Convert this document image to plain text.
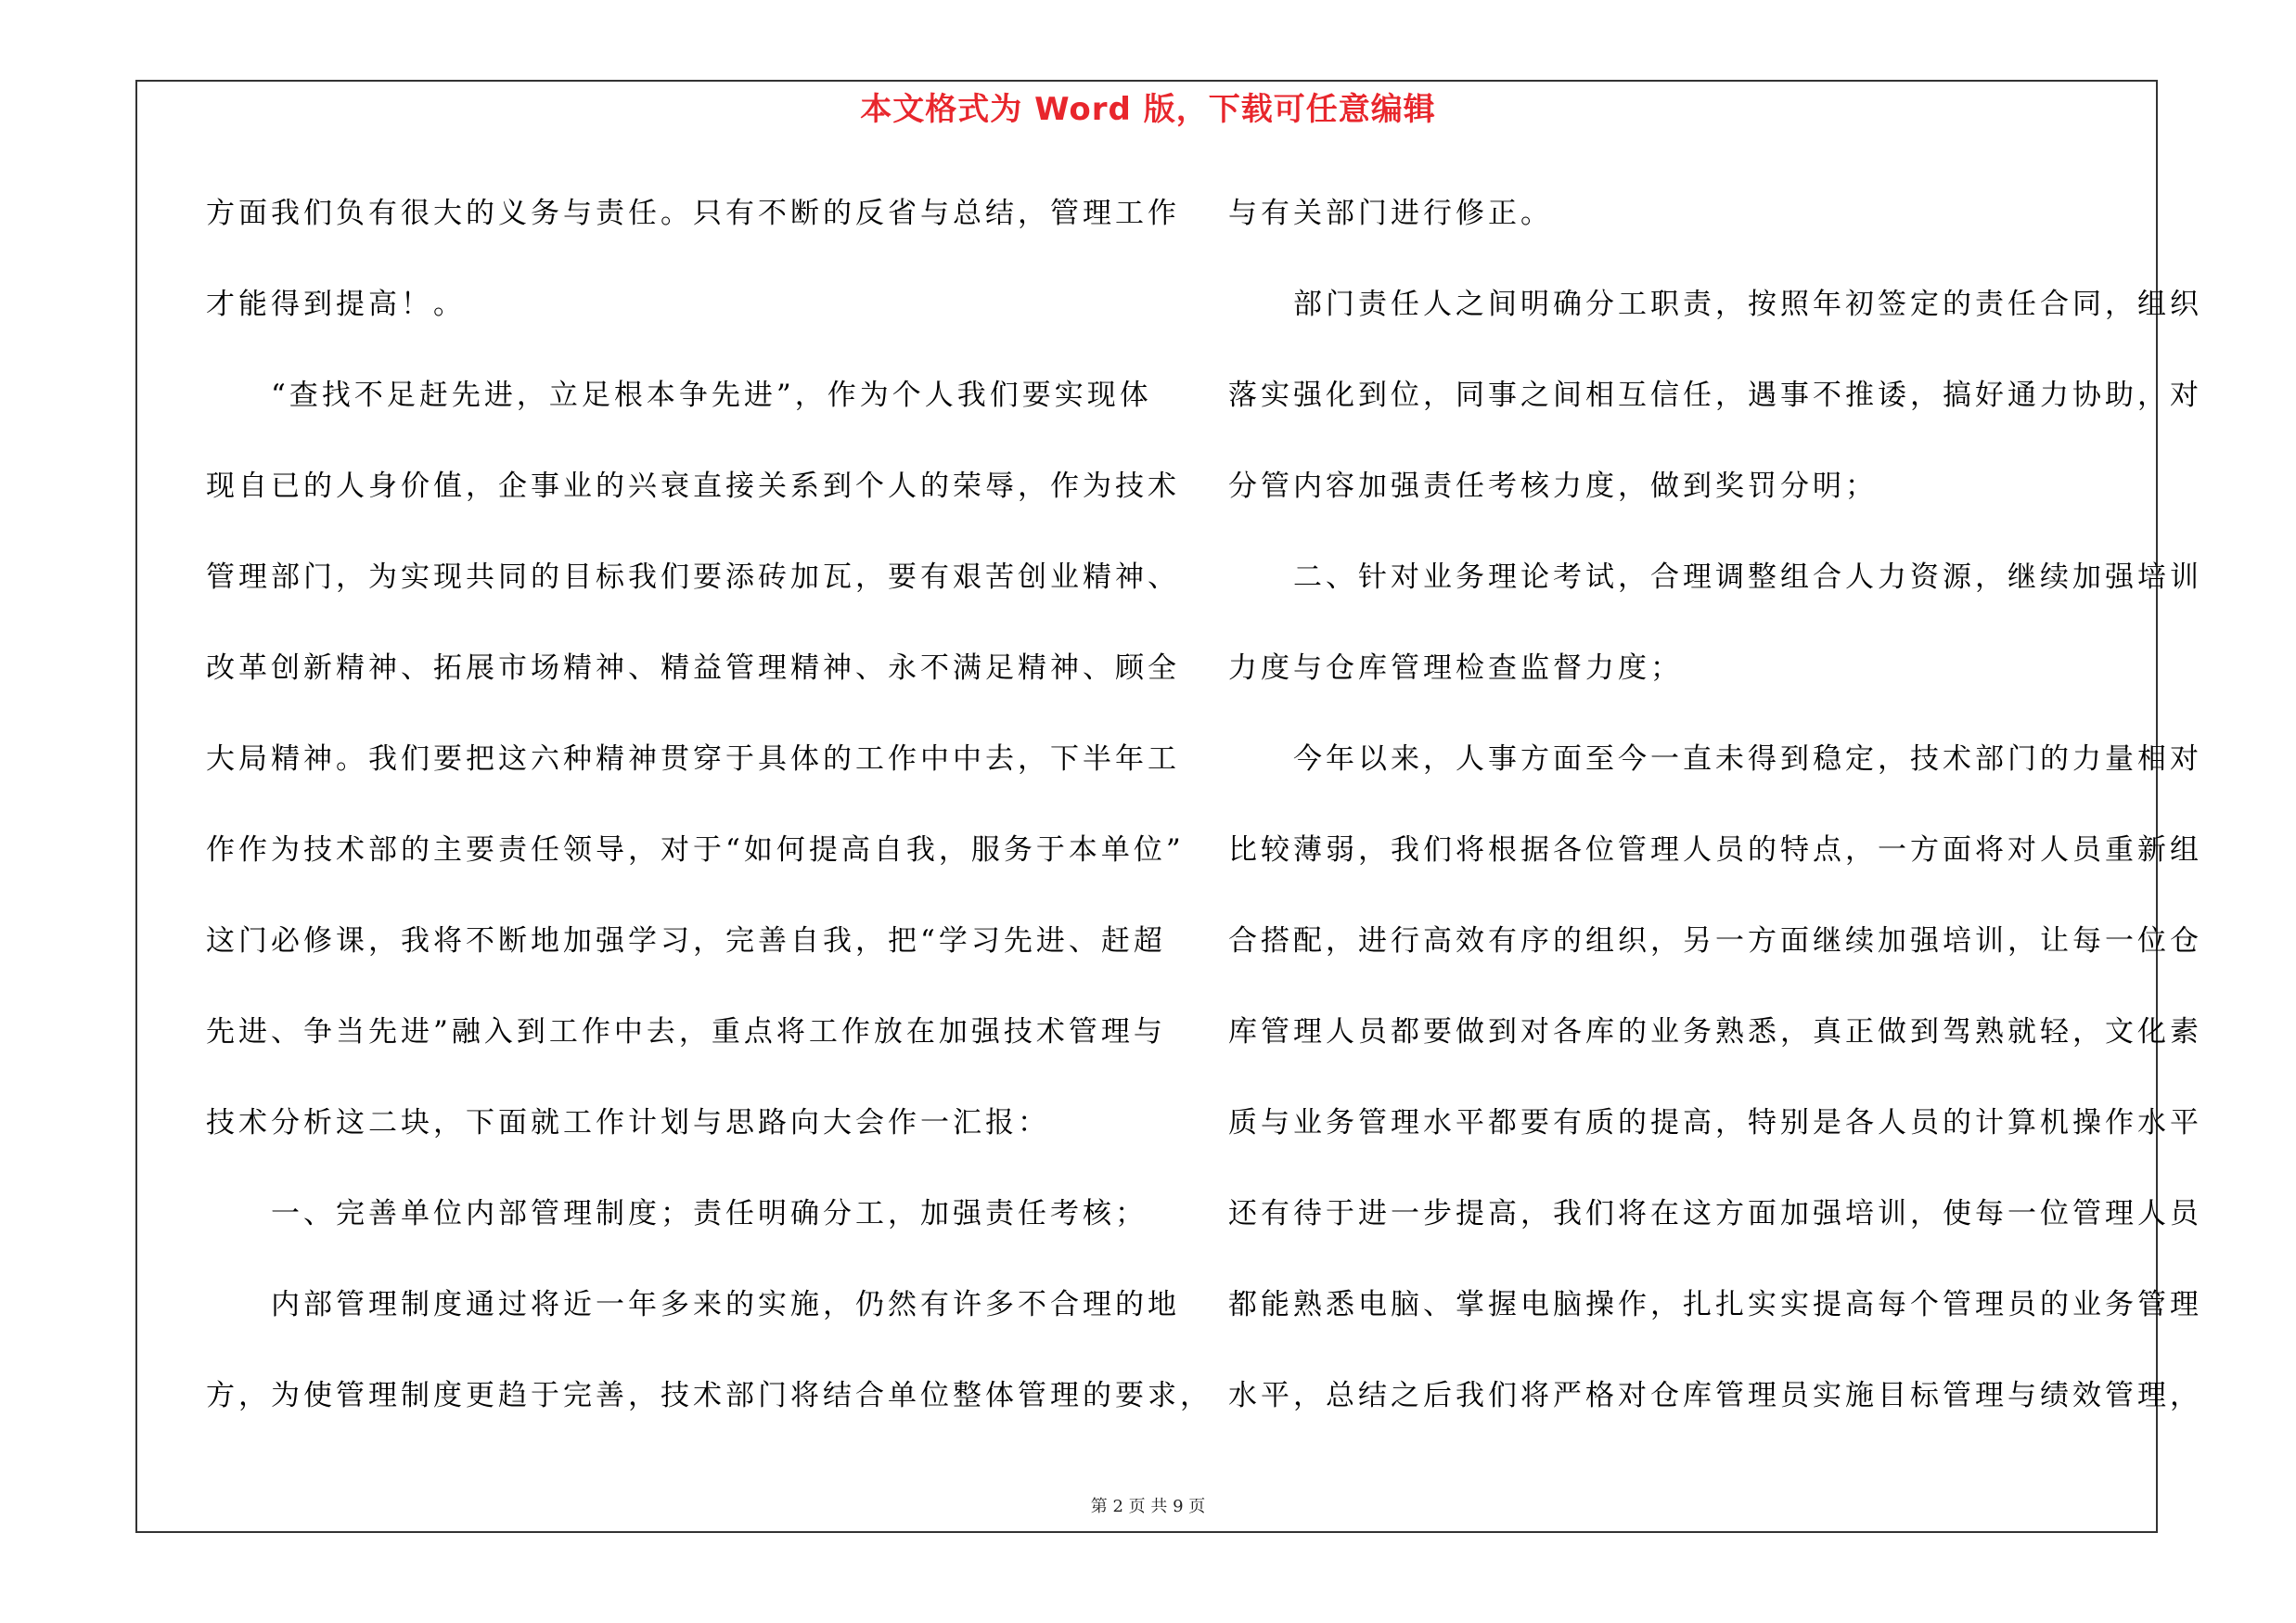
本文格式为 Word 版，下载可任意编辑
方面我们负有很大的义务与责任。只有不断的反省与总结，管理工作
才能得到提高！。
　　“查找不足赶先进，立足根本争先进”，作为个人我们要实现体
现自已的人身价值，企事业的兴衰直接关系到个人的荣辱，作为技术
管理部门，为实现共同的目标我们要添砖加瓦，要有艰苦创业精神、
改革创新精神、拓展市场精神、精益管理精神、永不满足精神、顾全
大局精神。我们要把这六种精神贯穿于具体的工作中中去，下半年工
作作为技术部的主要责任领导，对于“如何提高自我，服务于本单位”
这门必修课，我将不断地加强学习，完善自我，把“学习先进、赶超
先进、争当先进”融入到工作中去，重点将工作放在加强技术管理与
技术分析这二块，下面就工作计划与思路向大会作一汇报：
　　一、完善单位内部管理制度；责任明确分工，加强责任考核；
　　内部管理制度通过将近一年多来的实施，仍然有许多不合理的地
方，为使管理制度更趋于完善，技术部门将结合单位整体管理的要求，
与有关部门进行修正。
　　部门责任人之间明确分工职责，按照年初签定的责任合同，组织
落实强化到位，同事之间相互信任，遇事不推诿，搞好通力协助，对
分管内容加强责任考核力度，做到奖罚分明；
　　二、针对业务理论考试，合理调整组合人力资源，继续加强培训
力度与仓库管理检查监督力度；
　　今年以来，人事方面至今一直未得到稳定，技术部门的力量相对
比较薄弱，我们将根据各位管理人员的特点，一方面将对人员重新组
合搭配，进行高效有序的组织，另一方面继续加强培训，让每一位仓
库管理人员都要做到对各库的业务熟悉，真正做到驾熟就轻，文化素
质与业务管理水平都要有质的提高，特别是各人员的计算机操作水平
还有待于进一步提高，我们将在这方面加强培训，使每一位管理人员
都能熟悉电脑、掌握电脑操作，扎扎实实提高每个管理员的业务管理
水平，总结之后我们将严格对仓库管理员实施目标管理与绩效管理，
第 2 页 共 9 页
